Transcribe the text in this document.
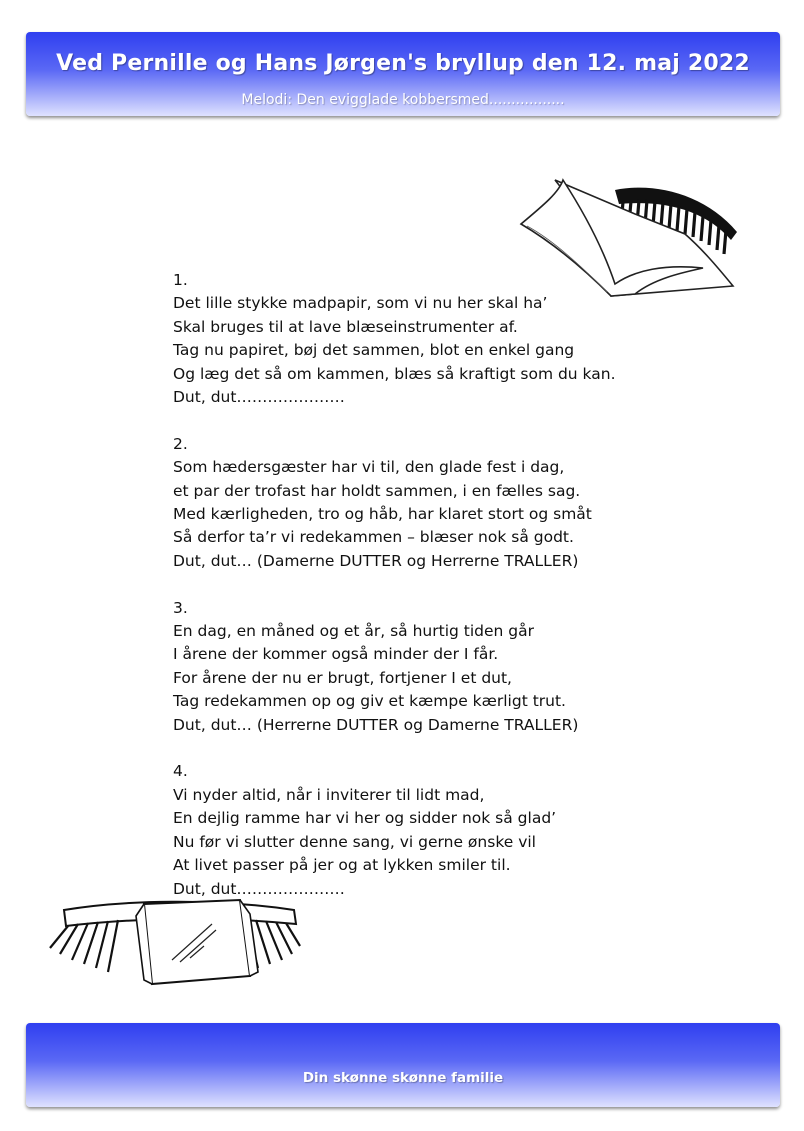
Ved Pernille og Hans Jørgen's bryllup den 12. maj 2022
Melodi: Den evigglade kobbersmed.................
1.
Det lille stykke madpapir, som vi nu her skal ha’
Skal bruges til at lave blæseinstrumenter af.
Tag nu papiret, bøj det sammen, blot en enkel gang
Og læg det så om kammen, blæs så kraftigt som du kan.
Dut, dut…………………
2.
Som hædersgæster har vi til, den glade fest i dag,
et par der trofast har holdt sammen, i en fælles sag.
Med kærligheden, tro og håb, har klaret stort og småt
Så derfor ta’r vi redekammen – blæser nok så godt.
Dut, dut… (Damerne DUTTER og Herrerne TRALLER)
3.
En dag, en måned og et år, så hurtig tiden går
I årene der kommer også minder der I får.
For årene der nu er brugt, fortjener I et dut,
Tag redekammen op og giv et kæmpe kærligt trut.
Dut, dut… (Herrerne DUTTER og Damerne TRALLER)
4.
Vi nyder altid, når i inviterer til lidt mad,
En dejlig ramme har vi her og sidder nok så glad’
Nu før vi slutter denne sang, vi gerne ønske vil
At livet passer på jer og at lykken smiler til.
Dut, dut…………………
Din skønne skønne familie
